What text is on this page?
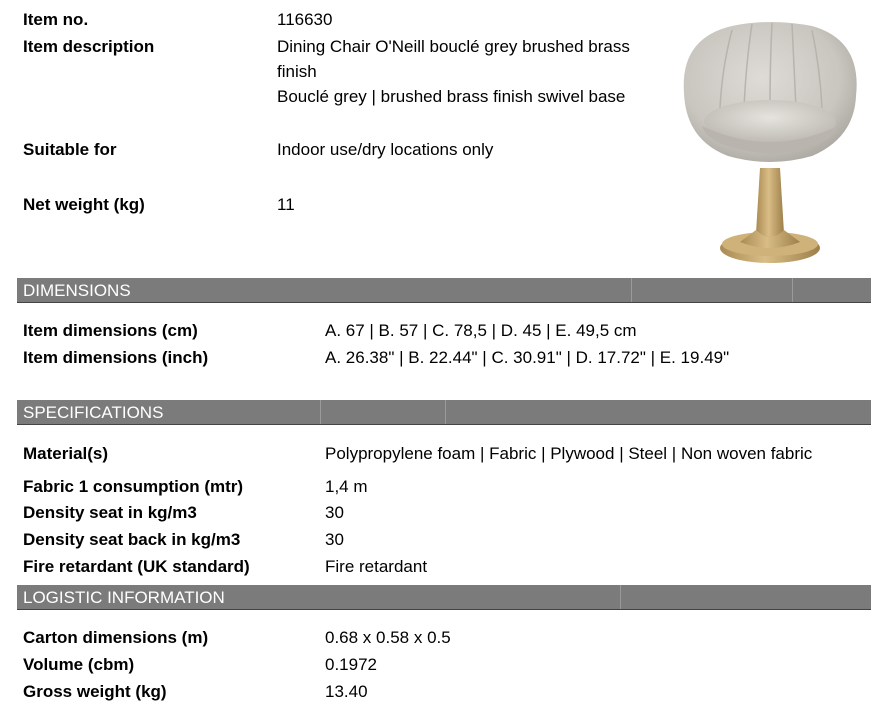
Item no.	116630
Item description	Dining Chair O'Neill bouclé grey brushed brass
finish
Bouclé grey | brushed brass finish swivel base
Suitable for	Indoor use/dry locations only
Net weight (kg)	11
DIMENSIONS
Item dimensions (cm)	A. 67 | B. 57 | C. 78,5 | D. 45 | E. 49,5 cm
Item dimensions (inch)	A. 26.38" | B. 22.44" | C. 30.91" | D. 17.72" | E. 19.49"
SPECIFICATIONS
Material(s)	Polypropylene foam | Fabric | Plywood | Steel | Non woven fabric
Fabric 1 consumption (mtr)	1,4 m
Density seat in kg/m3	30
Density seat back in kg/m3	30
Fire retardant (UK standard)	Fire retardant
LOGISTIC INFORMATION
Carton dimensions (m)	0.68 x 0.58 x 0.5
Volume (cbm)	0.1972
Gross weight (kg)	13.40
